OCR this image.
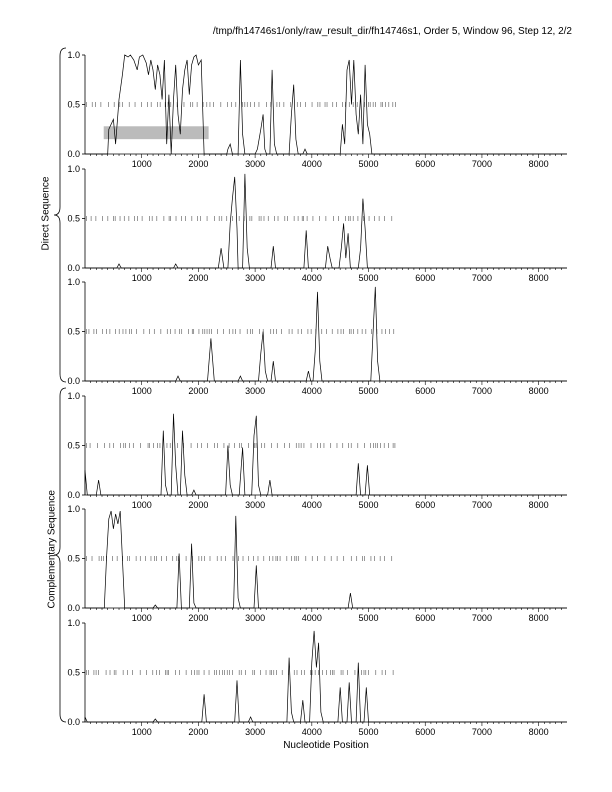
/tmp/fh14746s1/only/raw_result_dir/fh14746s1, Order 5, Window 96, Step 12, 2/2
Direct Sequence
Complementary Sequence
0.0
0.5
1.0
1000	2000	3000	4000	5000	6000	7000	8000
0.0
0.5
1.0
1000	2000	3000	4000	5000	6000	7000	8000
0.0
0.5
1.0
1000	2000	3000	4000	5000	6000	7000	8000
0.0
0.5
1.0
1000	2000	3000	4000	5000	6000	7000	8000
0.0
0.5
1.0
1000	2000	3000	4000	5000	6000	7000	8000
0.0
0.5
1.0
1000	2000	3000	4000	5000	6000	7000	8000
Nucleotide Position
